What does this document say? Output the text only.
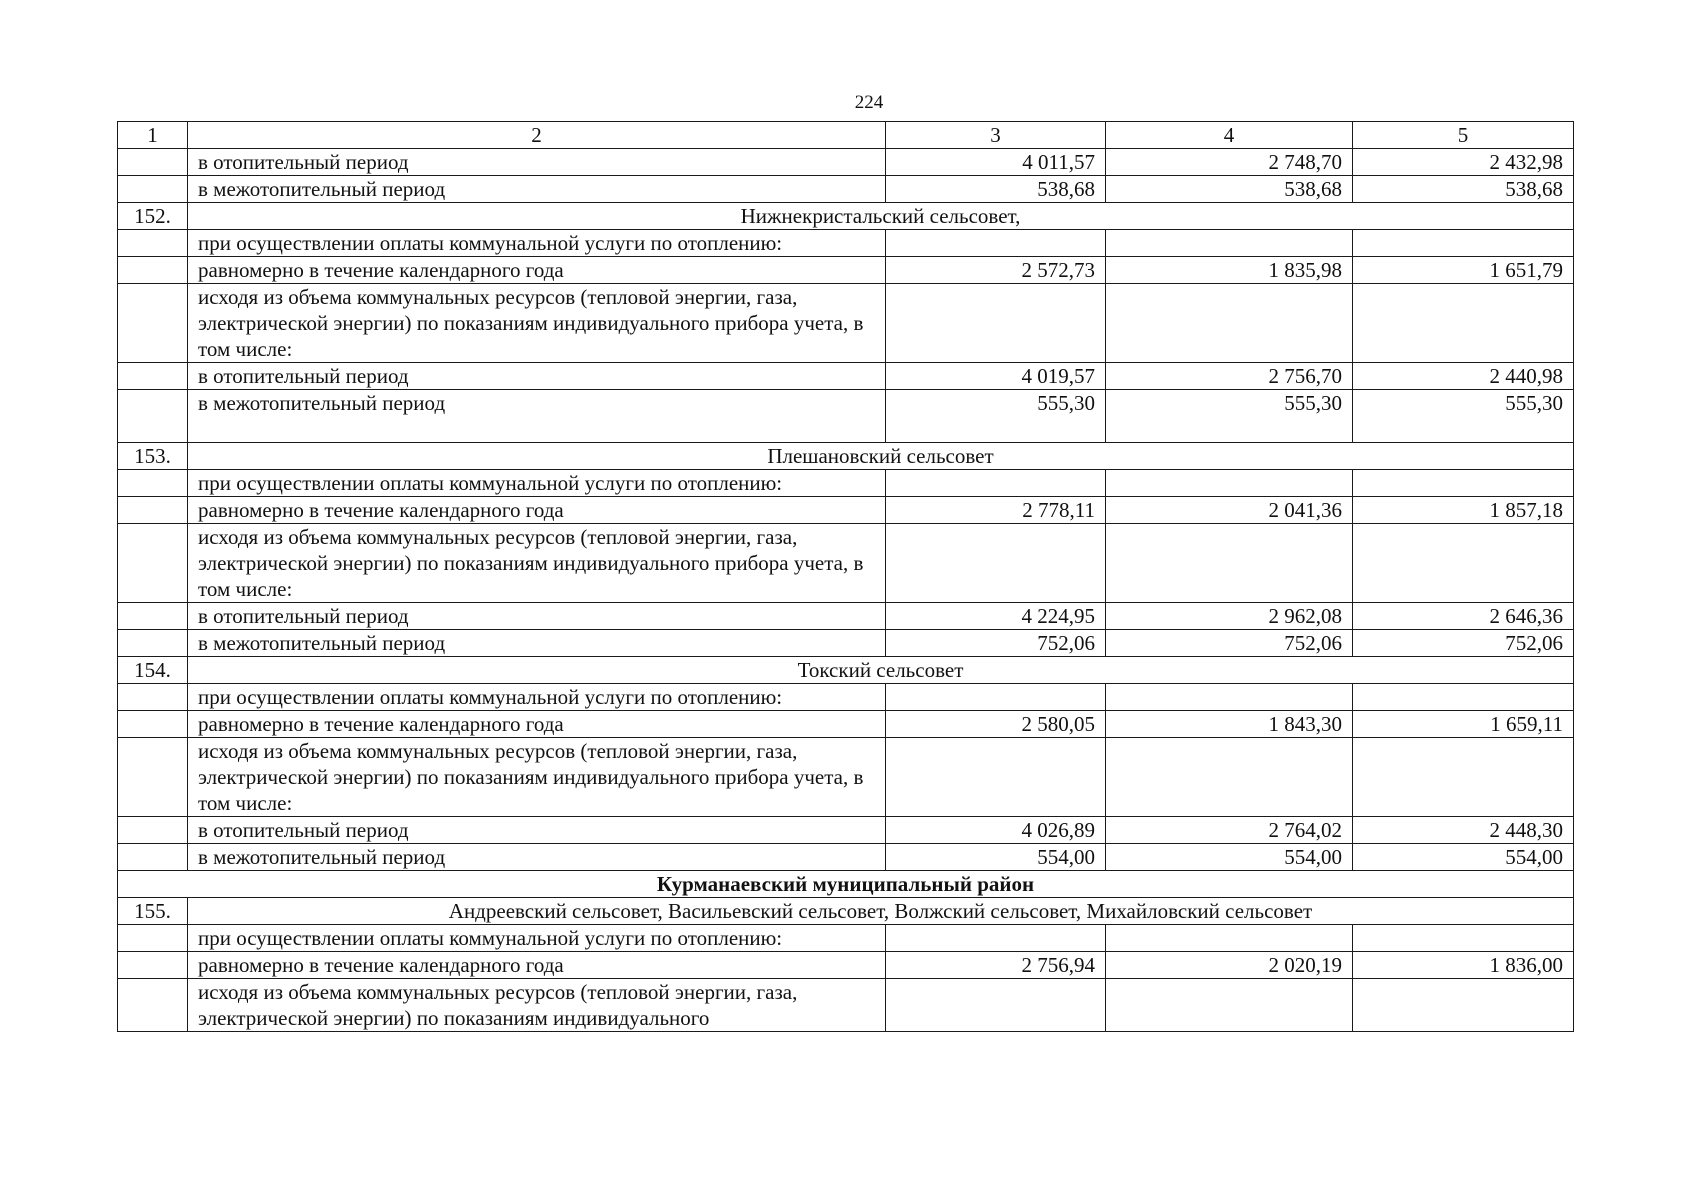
224
1	2	3	4	5
	в отопительный период	4 011,57	2 748,70	2 432,98
	в межотопительный период	538,68	538,68	538,68
152.	Нижнекристальский сельсовет,			
	при осуществлении оплаты коммунальной услуги по отоплению:			
	равномерно в течение календарного года	2 572,73	1 835,98	1 651,79
	исходя из объема коммунальных ресурсов (тепловой энергии, газа, электрической энергии) по показаниям индивидуального прибора учета, в том числе:			
	в отопительный период	4 019,57	2 756,70	2 440,98
	в межотопительный период	555,30	555,30	555,30
153.	Плешановский сельсовет			
	при осуществлении оплаты коммунальной услуги по отоплению:			
	равномерно в течение календарного года	2 778,11	2 041,36	1 857,18
	исходя из объема коммунальных ресурсов (тепловой энергии, газа, электрической энергии) по показаниям индивидуального прибора учета, в том числе:			
	в отопительный период	4 224,95	2 962,08	2 646,36
	в межотопительный период	752,06	752,06	752,06
154.	Токский сельсовет			
	при осуществлении оплаты коммунальной услуги по отоплению:			
	равномерно в течение календарного года	2 580,05	1 843,30	1 659,11
	исходя из объема коммунальных ресурсов (тепловой энергии, газа, электрической энергии) по показаниям индивидуального прибора учета, в том числе:			
	в отопительный период	4 026,89	2 764,02	2 448,30
	в межотопительный период	554,00	554,00	554,00
Курманаевский муниципальный район				
155.	Андреевский сельсовет, Васильевский сельсовет, Волжский сельсовет, Михайловский сельсовет			
	при осуществлении оплаты коммунальной услуги по отоплению:			
	равномерно в течение календарного года	2 756,94	2 020,19	1 836,00
	исходя из объема коммунальных ресурсов (тепловой энергии, газа, электрической энергии) по показаниям индивидуального			
